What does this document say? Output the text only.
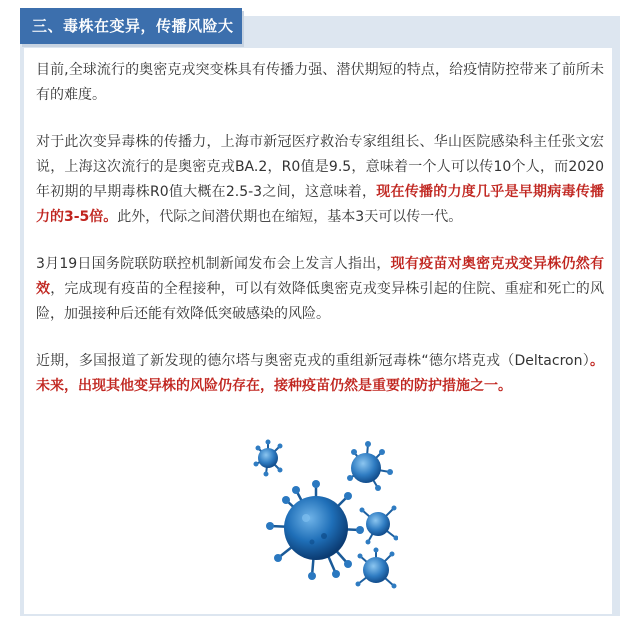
三、毒株在变异，传播风险大

目前,全球流行的奥密克戎突变株具有传播力强、潜伏期短的特点，给疫情防控带来了前所未有的难度。

对于此次变异毒株的传播力，上海市新冠医疗救治专家组组长、华山医院感染科主任张文宏说，上海这次流行的是奥密克戎BA.2，R0值是9.5，意味着一个人可以传10个人，而2020年初期的早期毒株R0值大概在2.5-3之间，这意味着，现在传播的力度几乎是早期病毒传播力的3-5倍。此外，代际之间潜伏期也在缩短，基本3天可以传一代。

3月19日国务院联防联控机制新闻发布会上发言人指出，现有疫苗对奥密克戎变异株仍然有效，完成现有疫苗的全程接种，可以有效降低奥密克戎变异株引起的住院、重症和死亡的风险，加强接种后还能有效降低突破感染的风险。

近期，多国报道了新发现的德尔塔与奥密克戎的重组新冠毒株“德尔塔克戎（Deltacron）。未来，出现其他变异株的风险仍存在，接种疫苗仍然是重要的防护措施之一。
